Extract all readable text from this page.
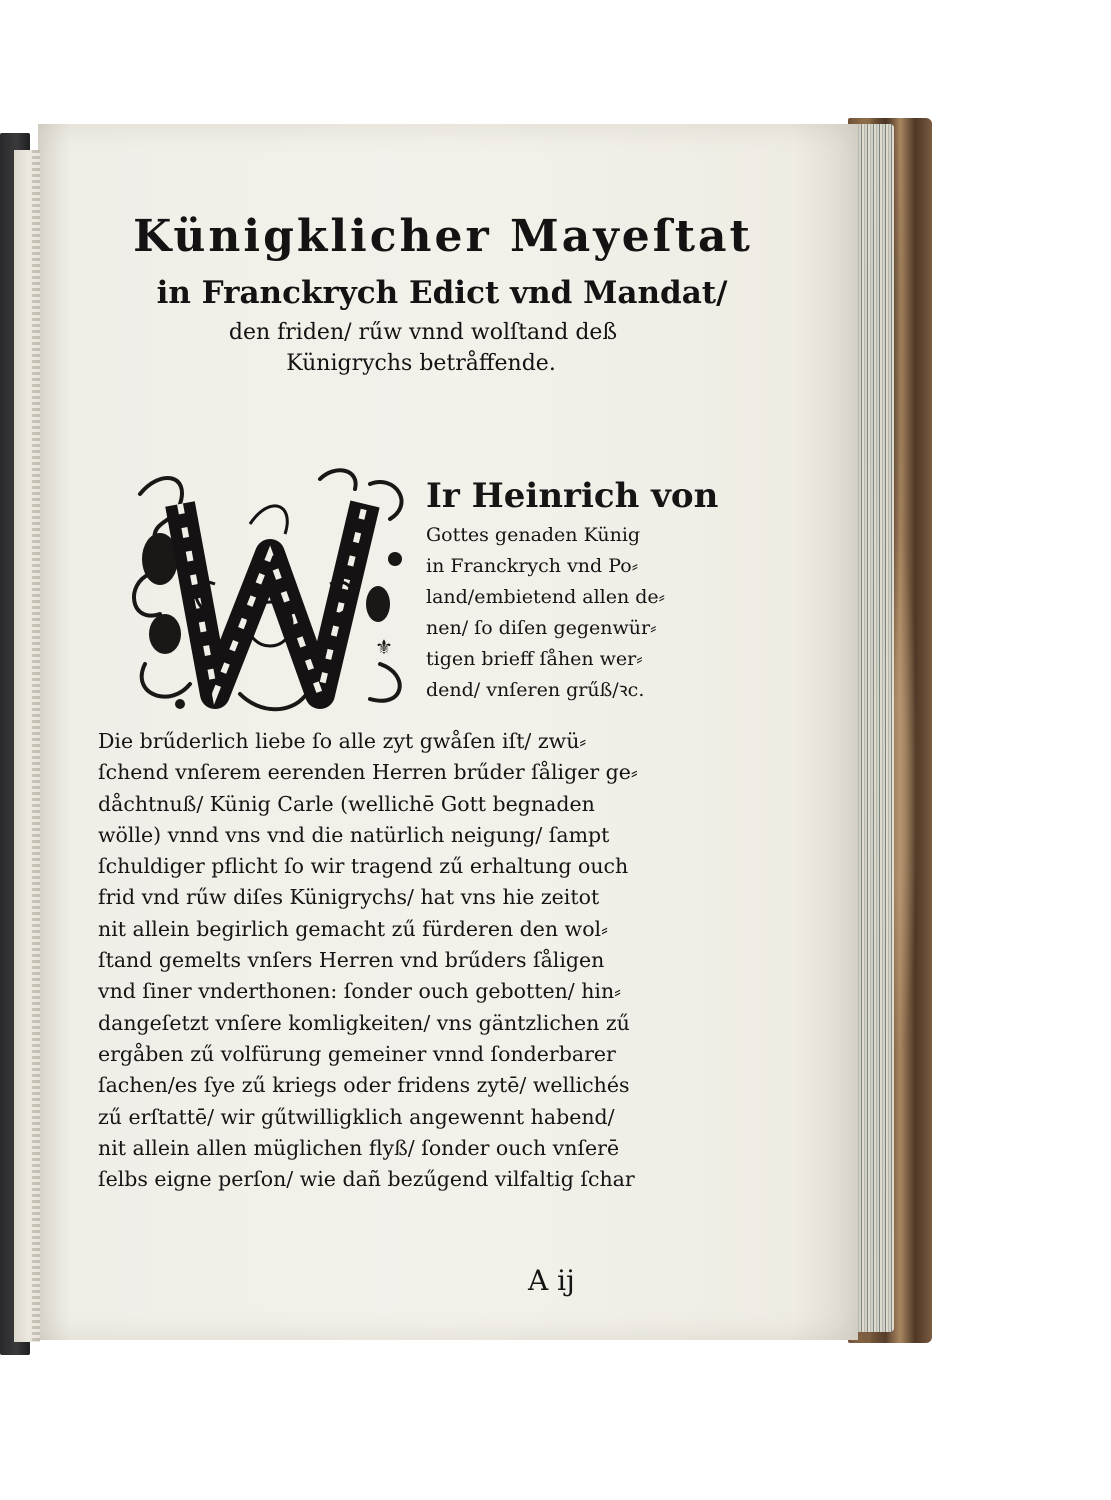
Künigklicher Mayeſtat
in Franckrych Edict vnd Mandat/
den friden/ rűw vnnd wolſtand deß
Künigrychs betråffende.
⚜
Ir Heinrich von
Gottes genaden Künig
in Franckrych vnd Po⸗
land/embietend allen de⸗
nen/ ſo diſen gegenwür⸗
tigen brieff ſåhen wer⸗
dend/ vnſeren grűß/ꝛc.
Die brűderlich liebe ſo alle zyt gwåſen iſt/ zwü⸗
ſchend vnſerem eerenden Herren brűder ſåliger ge⸗
dåchtnuß/ Künig Carle (wellichē Gott begnaden
wölle) vnnd vns vnd die natürlich neigung/ ſampt
ſchuldiger pflicht ſo wir tragend zű erhaltung ouch
frid vnd rűw diſes Künigrychs/ hat vns hie zeitot
nit allein begirlich gemacht zű fürderen den wol⸗
ſtand gemelts vnſers Herren vnd brűders ſåligen
vnd ſiner vnderthonen: ſonder ouch gebotten/ hin⸗
dangeſetzt vnſere komligkeiten/ vns gäntzlichen zű
ergåben zű volfürung gemeiner vnnd ſonderbarer
ſachen/es ſye zű kriegs oder fridens zytē/ wellichés
zű erſtattē/ wir gűtwilligklich angewennt habend/
nit allein allen müglichen flyß/ ſonder ouch vnſerē
ſelbs eigne perſon/ wie dañ bezűgend vilfaltig ſchar
A ij
